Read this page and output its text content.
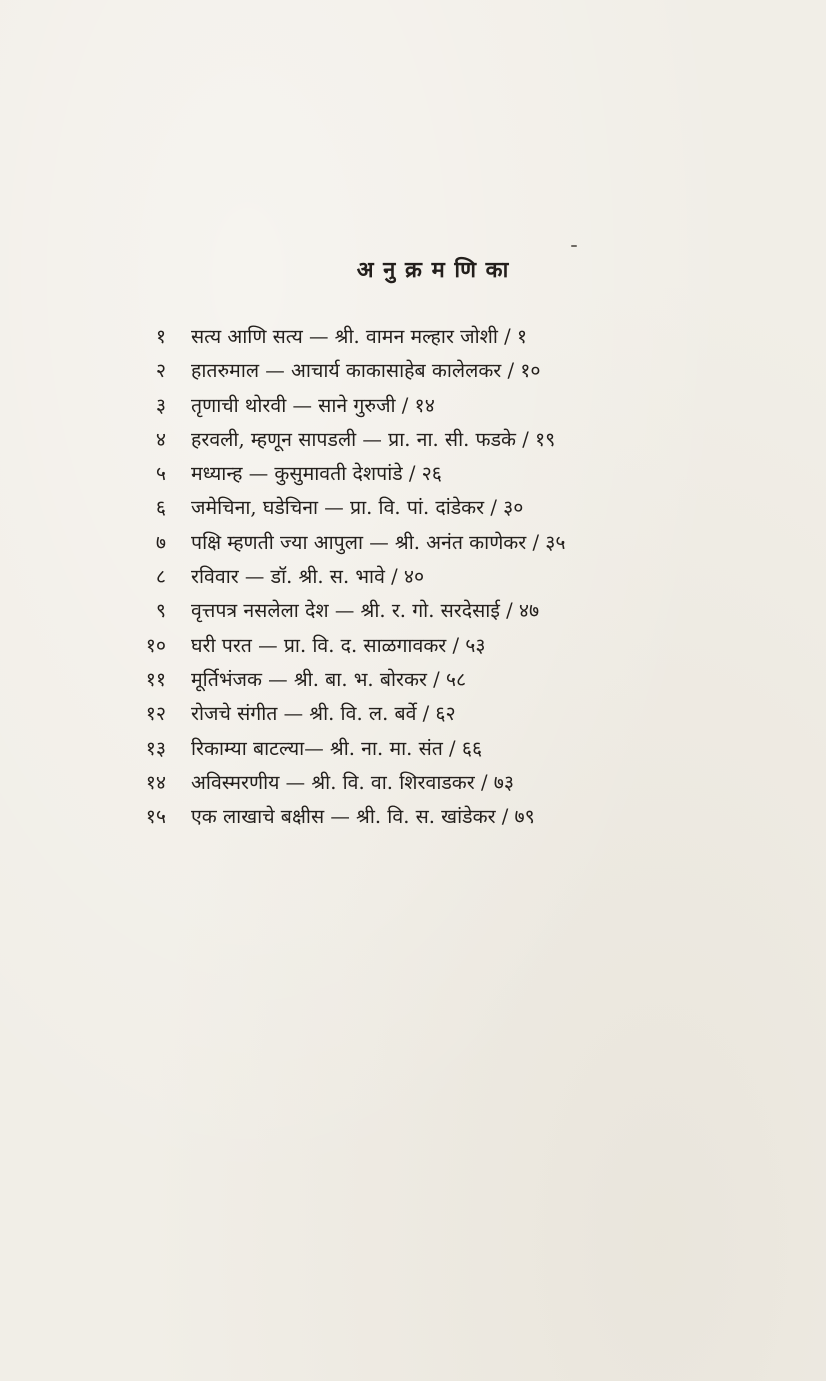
अ नु क्र म णि का
१	सत्य आणि सत्य — श्री. वामन मल्हार जोशी / १
२	हातरुमाल — आचार्य काकासाहेब कालेलकर / १०
३	तृणाची थोरवी — साने गुरुजी / १४
४	हरवली, म्हणून सापडली — प्रा. ना. सी. फडके / १९
५	मध्यान्ह — कुसुमावती देशपांडे / २६
६	जमेचिना, घडेचिना — प्रा. वि. पां. दांडेकर / ३०
७	पक्षि म्हणती ज्या आपुला — श्री. अनंत काणेकर / ३५
८	रविवार — डॉ. श्री. स. भावे / ४०
९	वृत्तपत्र नसलेला देश — श्री. र. गो. सरदेसाई / ४७
१०	घरी परत — प्रा. वि. द. साळगावकर / ५३
११	मूर्तिभंजक — श्री. बा. भ. बोरकर / ५८
१२	रोजचे संगीत — श्री. वि. ल. बर्वे / ६२
१३	रिकाम्या बाटल्या— श्री. ना. मा. संत / ६६
१४	अविस्मरणीय — श्री. वि. वा. शिरवाडकर / ७३
१५	एक लाखाचे बक्षीस — श्री. वि. स. खांडेकर / ७९
